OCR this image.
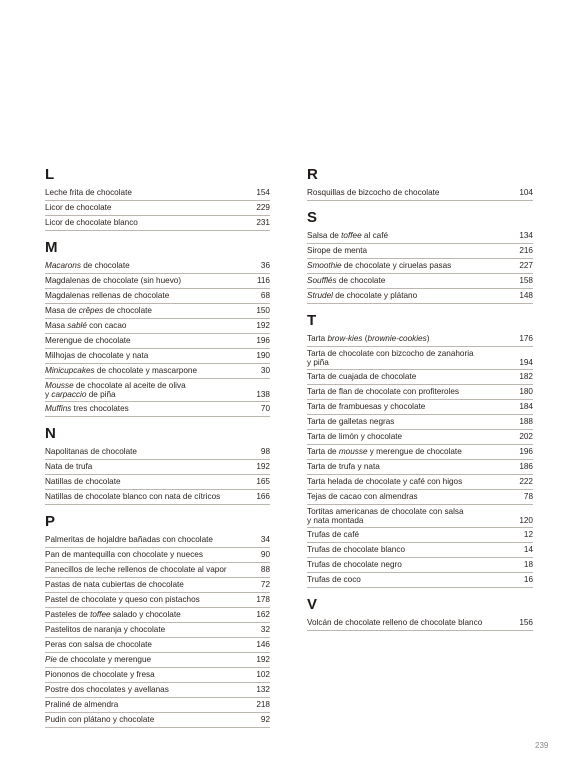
L
Leche frita de chocolate	154
Licor de chocolate	229
Licor de chocolate blanco	231
M
Macarons de chocolate	36
Magdalenas de chocolate (sin huevo)	116
Magdalenas rellenas de chocolate	68
Masa de crêpes de chocolate	150
Masa sablé con cacao	192
Merengue de chocolate	196
Milhojas de chocolate y nata	190
Minicupcakes de chocolate y mascarpone	30
Mousse de chocolate al aceite de oliva
y carpaccio de piña	138
Muffins tres chocolates	70
N
Napolitanas de chocolate	98
Nata de trufa	192
Natillas de chocolate	165
Natillas de chocolate blanco con nata de cítricos	166
P
Palmeritas de hojaldre bañadas con chocolate	34
Pan de mantequilla con chocolate y nueces	90
Panecillos de leche rellenos de chocolate al vapor	88
Pastas de nata cubiertas de chocolate	72
Pastel de chocolate y queso con pistachos	178
Pasteles de toffee salado y chocolate	162
Pastelitos de naranja y chocolate	32
Peras con salsa de chocolate	146
Pie de chocolate y merengue	192
Piononos de chocolate y fresa	102
Postre dos chocolates y avellanas	132
Praliné de almendra	218
Pudin con plátano y chocolate	92
R
Rosquillas de bizcocho de chocolate	104
S
Salsa de toffee al café	134
Sirope de menta	216
Smoothie de chocolate y ciruelas pasas	227
Soufflés de chocolate	158
Strudel de chocolate y plátano	148
T
Tarta brow-kies (brownie-cookies)	176
Tarta de chocolate con bizcocho de zanahoria
y piña	194
Tarta de cuajada de chocolate	182
Tarta de flan de chocolate con profiteroles	180
Tarta de frambuesas y chocolate	184
Tarta de galletas negras	188
Tarta de limón y chocolate	202
Tarta de mousse y merengue de chocolate	196
Tarta de trufa y nata	186
Tarta helada de chocolate y café con higos	222
Tejas de cacao con almendras	78
Tortitas americanas de chocolate con salsa
y nata montada	120
Trufas de café	12
Trufas de chocolate blanco	14
Trufas de chocolate negro	18
Trufas de coco	16
V
Volcán de chocolate relleno de chocolate blanco	156
239
